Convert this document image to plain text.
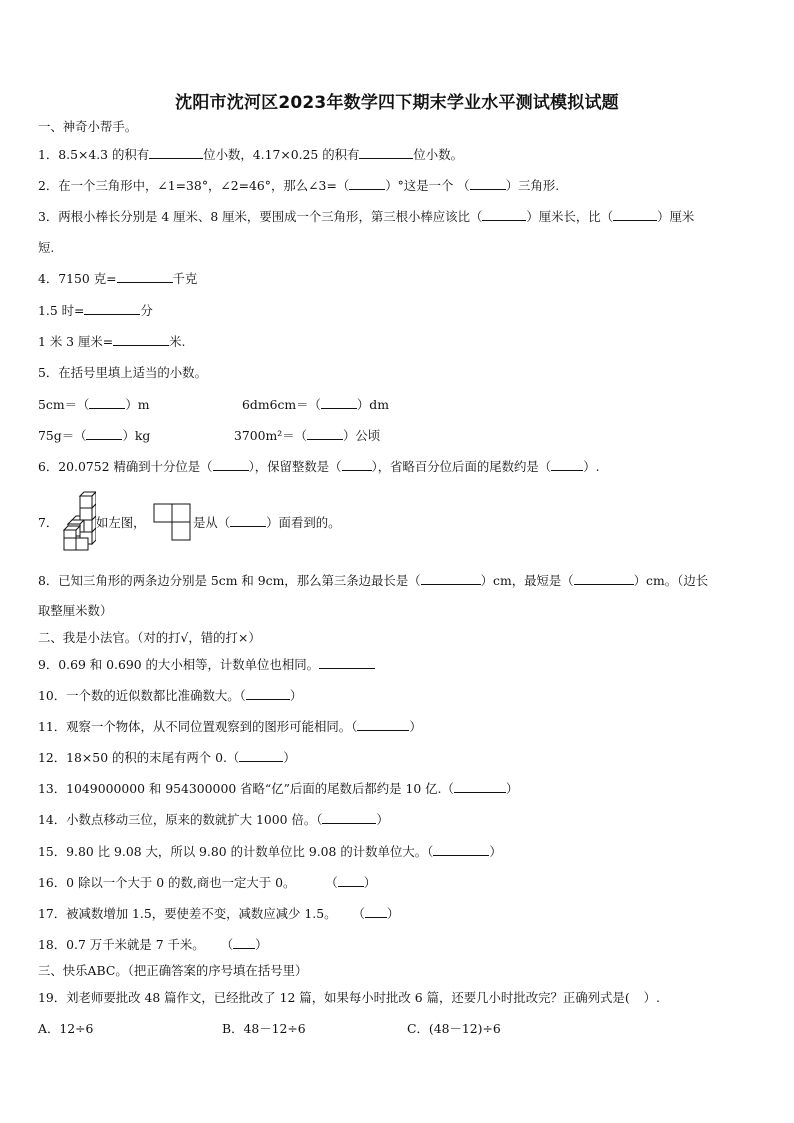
沈阳市沈河区2023年数学四下期末学业水平测试模拟试题
一、神奇小帮手。
1．8.5×4.3 的积有	位小数，4.17×0.25 的积有	位小数。
2．在一个三角形中，∠1=38°，∠2=46°，那么∠3=（	）°这是一个 （	）三角形.
3．两根小棒长分别是 4 厘米、8 厘米，要围成一个三角形，第三根小棒应该比（	）厘米长，比（	）厘米
短.
4．7150 克=	千克
1.5 时=	分
1 米 3 厘米=	米.
5．在括号里填上适当的小数。
5cm＝（	）m	6dm6cm＝（	）dm
75g＝（	）kg	3700m²＝（	）公顷
6．20.0752 精确到十分位是（	），保留整数是（ ），省略百分位后面的尾数约是（	）.
7．	如左图，	是从（	）面看到的。
8．已知三角形的两条边分别是 5cm 和 9cm，那么第三条边最长是（	）cm，最短是（	）cm。（边长
取整厘米数）
二、我是小法官。（对的打√，错的打×）
9．0.69 和 0.690 的大小相等，计数单位也相同。
10．一个数的近似数都比准确数大。（	）
11．观察一个物体，从不同位置观察到的图形可能相同。（	）
12．18×50 的积的末尾有两个 0.（	）
13．1049000000 和 954300000 省略“亿”后面的尾数后都约是 10 亿.（	）
14．小数点移动三位，原来的数就扩大 1000 倍。（	）
15．9.80 比 9.08 大，所以 9.80 的计数单位比 9.08 的计数单位大。（	）
16．0 除以一个大于 0 的数,商也一定大于 0。 （ ）
17．被减数增加 1.5，要使差不变，减数应减少 1.5。 （ ）
18．0.7 万千米就是 7 千米。 （ ）
三、快乐ABC。（把正确答案的序号填在括号里）
19．刘老师要批改 48 篇作文，已经批改了 12 篇，如果每小时批改 6 篇，还要几小时批改完？正确列式是( ）.
A．12÷6	B．48－12÷6	C．(48－12)÷6
